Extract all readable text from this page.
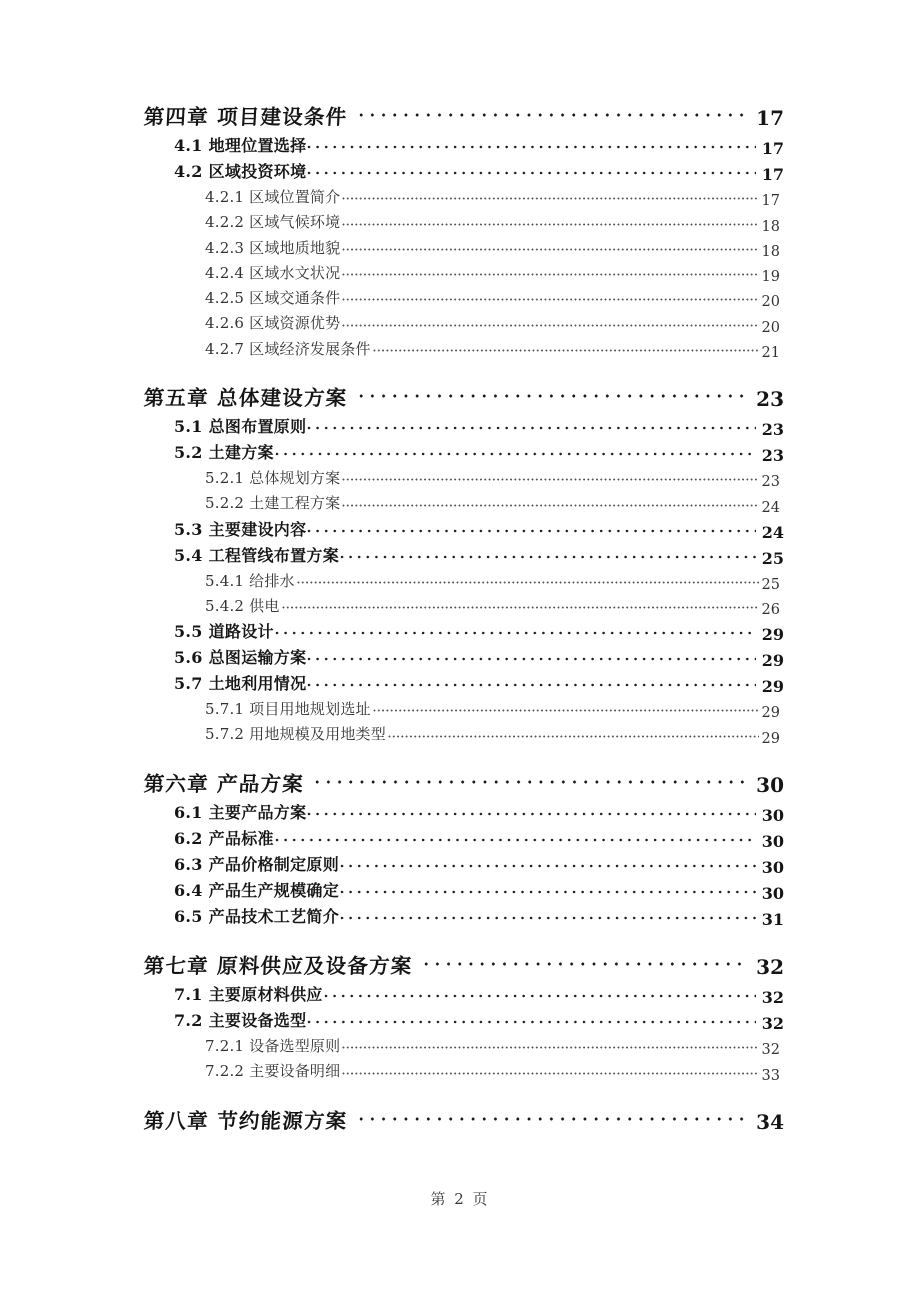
第四章 项目建设条件	17
4.1 地理位置选择	17
4.2 区域投资环境	17
4.2.1 区域位置简介	17
4.2.2 区域气候环境	18
4.2.3 区域地质地貌	18
4.2.4 区域水文状况	19
4.2.5 区域交通条件	20
4.2.6 区域资源优势	20
4.2.7 区域经济发展条件	21
第五章 总体建设方案	23
5.1 总图布置原则	23
5.2 土建方案	23
5.2.1 总体规划方案	23
5.2.2 土建工程方案	24
5.3 主要建设内容	24
5.4 工程管线布置方案	25
5.4.1 给排水	25
5.4.2 供电	26
5.5 道路设计	29
5.6 总图运输方案	29
5.7 土地利用情况	29
5.7.1 项目用地规划选址	29
5.7.2 用地规模及用地类型	29
第六章 产品方案	30
6.1 主要产品方案	30
6.2 产品标准	30
6.3 产品价格制定原则	30
6.4 产品生产规模确定	30
6.5 产品技术工艺简介	31
第七章 原料供应及设备方案	32
7.1 主要原材料供应	32
7.2 主要设备选型	32
7.2.1 设备选型原则	32
7.2.2 主要设备明细	33
第八章 节约能源方案	34
第 2 页
